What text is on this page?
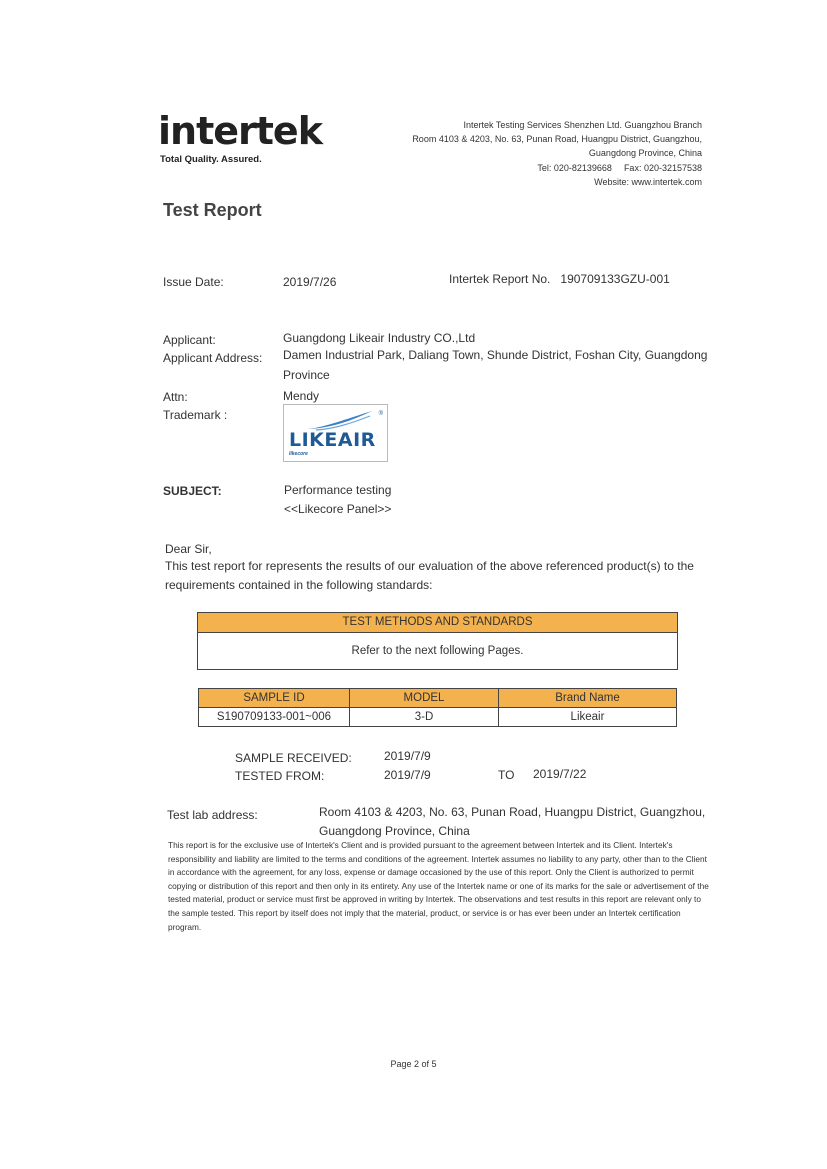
intertek
Total Quality. Assured.
Intertek Testing Services Shenzhen Ltd. Guangzhou Branch
Room 4103 & 4203, No. 63, Punan Road, Huangpu District, Guangzhou,
Guangdong Province, China
Tel: 020-82139668 Fax: 020-32157538
Website: www.intertek.com
Test Report
Issue Date:	2019/7/26	Intertek Report No. 190709133GZU-001
Applicant:	Guangdong Likeair Industry CO.,Ltd
Applicant Address: Damen Industrial Park, Daliang Town, Shunde District, Foshan City, Guangdong
Province
Attn:	Mendy
Trademark :	®
LIKEAIR
likecore
SUBJECT:	Performance testing
<<Likecore Panel>>
Dear Sir,
This test report for represents the results of our evaluation of the above referenced product(s) to the
requirements contained in the following standards:
TEST METHODS AND STANDARDS
Refer to the next following Pages.
SAMPLE ID	MODEL	Brand Name
S190709133-001~006	3-D	Likeair
SAMPLE RECEIVED:	2019/7/9
TESTED FROM:	2019/7/9	TO 2019/7/22
Test lab address:	Room 4103 & 4203, No. 63, Punan Road, Huangpu District, Guangzhou,
Guangdong Province, China
This report is for the exclusive use of Intertek's Client and is provided pursuant to the agreement between Intertek and its Client. Intertek's responsibility and liability are limited to the terms and conditions of the agreement. Intertek assumes no liability to any party, other than to the Client in accordance with the agreement, for any loss, expense or damage occasioned by the use of this report. Only the Client is authorized to permit copying or distribution of this report and then only in its entirety. Any use of the Intertek name or one of its marks for the sale or advertisement of the tested material, product or service must first be approved in writing by Intertek. The observations and test results in this report are relevant only to the sample tested. This report by itself does not imply that the material, product, or service is or has ever been under an Intertek certification program.
Page 2 of 5
